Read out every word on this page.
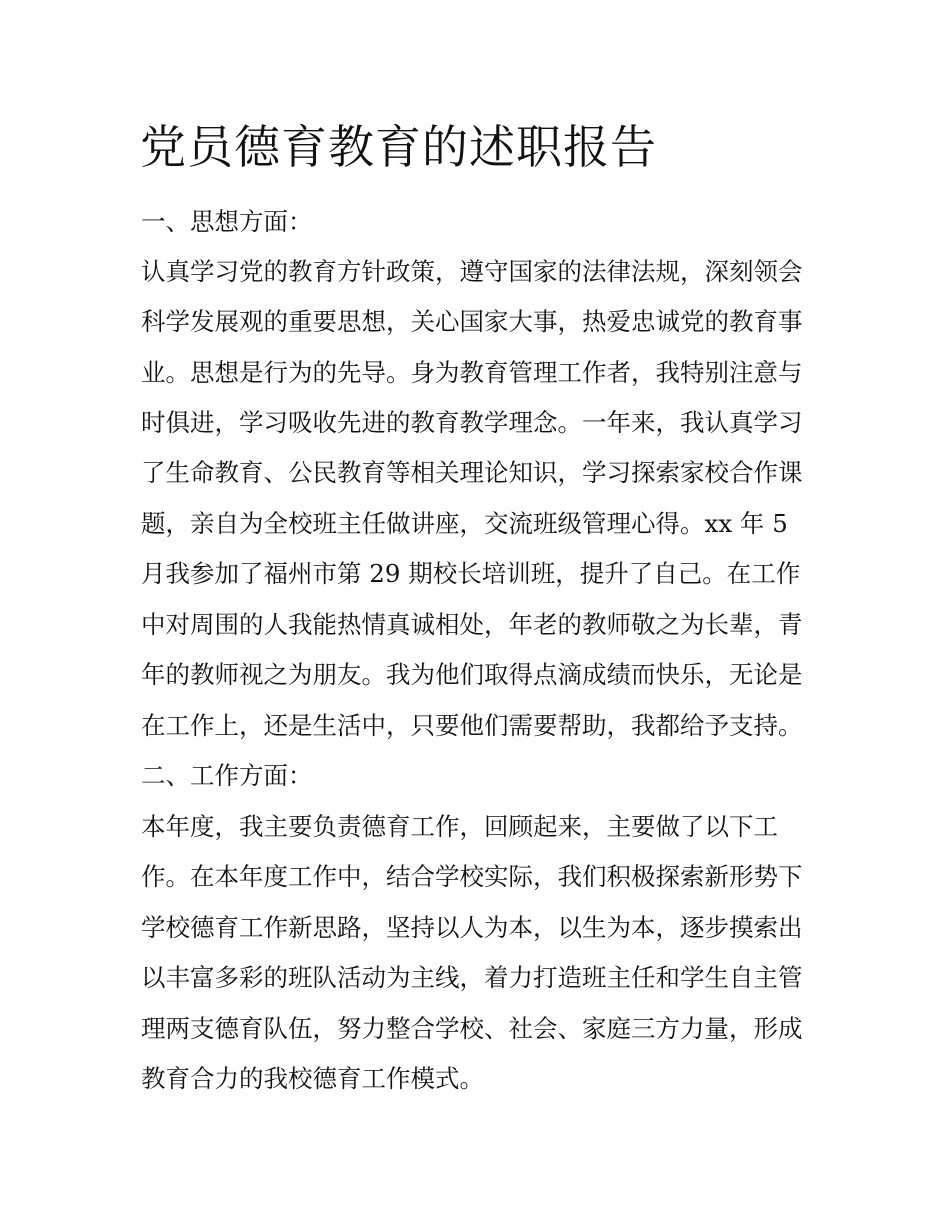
党员德育教育的述职报告

一、思想方面：

认真学习党的教育方针政策，遵守国家的法律法规，深刻领会

科学发展观的重要思想，关心国家大事，热爱忠诚党的教育事

业。思想是行为的先导。身为教育管理工作者，我特别注意与

时俱进，学习吸收先进的教育教学理念。一年来，我认真学习

了生命教育、公民教育等相关理论知识，学习探索家校合作课

题，亲自为全校班主任做讲座，交流班级管理心得。xx 年 5

月我参加了福州市第 29 期校长培训班，提升了自己。在工作

中对周围的人我能热情真诚相处，年老的教师敬之为长辈，青

年的教师视之为朋友。我为他们取得点滴成绩而快乐，无论是

在工作上，还是生活中，只要他们需要帮助，我都给予支持。

二、工作方面：

本年度，我主要负责德育工作，回顾起来，主要做了以下工

作。在本年度工作中，结合学校实际，我们积极探索新形势下

学校德育工作新思路，坚持以人为本，以生为本，逐步摸索出

以丰富多彩的班队活动为主线，着力打造班主任和学生自主管

理两支德育队伍，努力整合学校、社会、家庭三方力量，形成

教育合力的我校德育工作模式。
